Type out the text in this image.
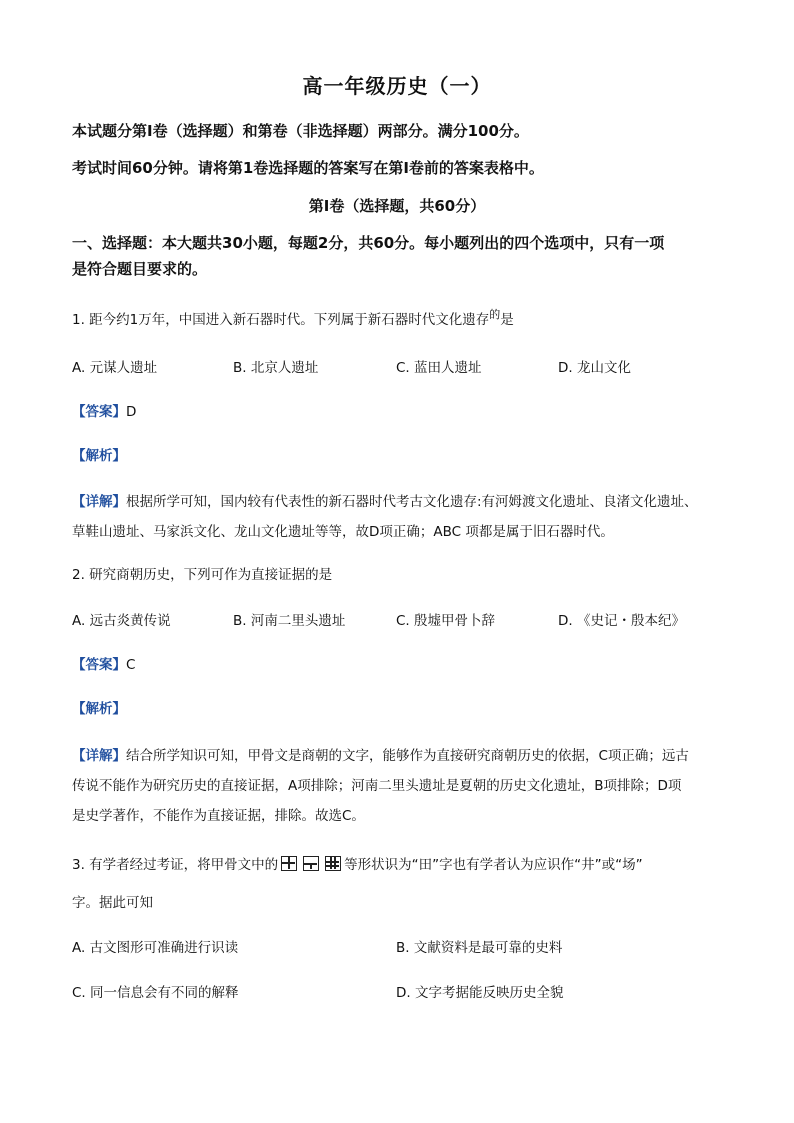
高一年级历史（一）
本试题分第Ⅰ卷（选择题）和第卷（非选择题）两部分。满分100分。
考试时间60分钟。请将第1卷选择题的答案写在第Ⅰ卷前的答案表格中。
第Ⅰ卷（选择题，共60分）
一、选择题：本大题共30小题，每题2分，共60分。每小题列出的四个选项中，只有一项
是符合题目要求的。
1. 距今约1万年，中国进入新石器时代。下列属于新石器时代文化遗存$^的$是
A. 元谋人遗址	B. 北京人遗址	C. 蓝田人遗址	D. 龙山文化
【答案】D
【解析】
【详解】根据所学可知，国内较有代表性的新石器时代考古文化遗存:有河姆渡文化遗址、良渚文化遗址、
草鞋山遗址、马家浜文化、龙山文化遗址等等，故D项正确；ABC 项都是属于旧石器时代。
2. 研究商朝历史，下列可作为直接证据的是
A. 远古炎黄传说	B. 河南二里头遗址	C. 殷墟甲骨卜辞	D. 《史记・殷本纪》
【答案】C
【解析】
【详解】结合所学知识可知，甲骨文是商朝的文字，能够作为直接研究商朝历史的依据，C项正确；远古
传说不能作为研究历史的直接证据，A项排除；河南二里头遗址是夏朝的历史文化遗址，B项排除；D项
是史学著作，不能作为直接证据，排除。故选C。
3. 有学者经过考证，将甲骨文中的	等形状识为“田”字也有学者认为应识作“井”或“场”
字。据此可知
A. 古文图形可准确进行识读	B. 文献资料是最可靠的史料
C. 同一信息会有不同的解释	D. 文字考据能反映历史全貌
